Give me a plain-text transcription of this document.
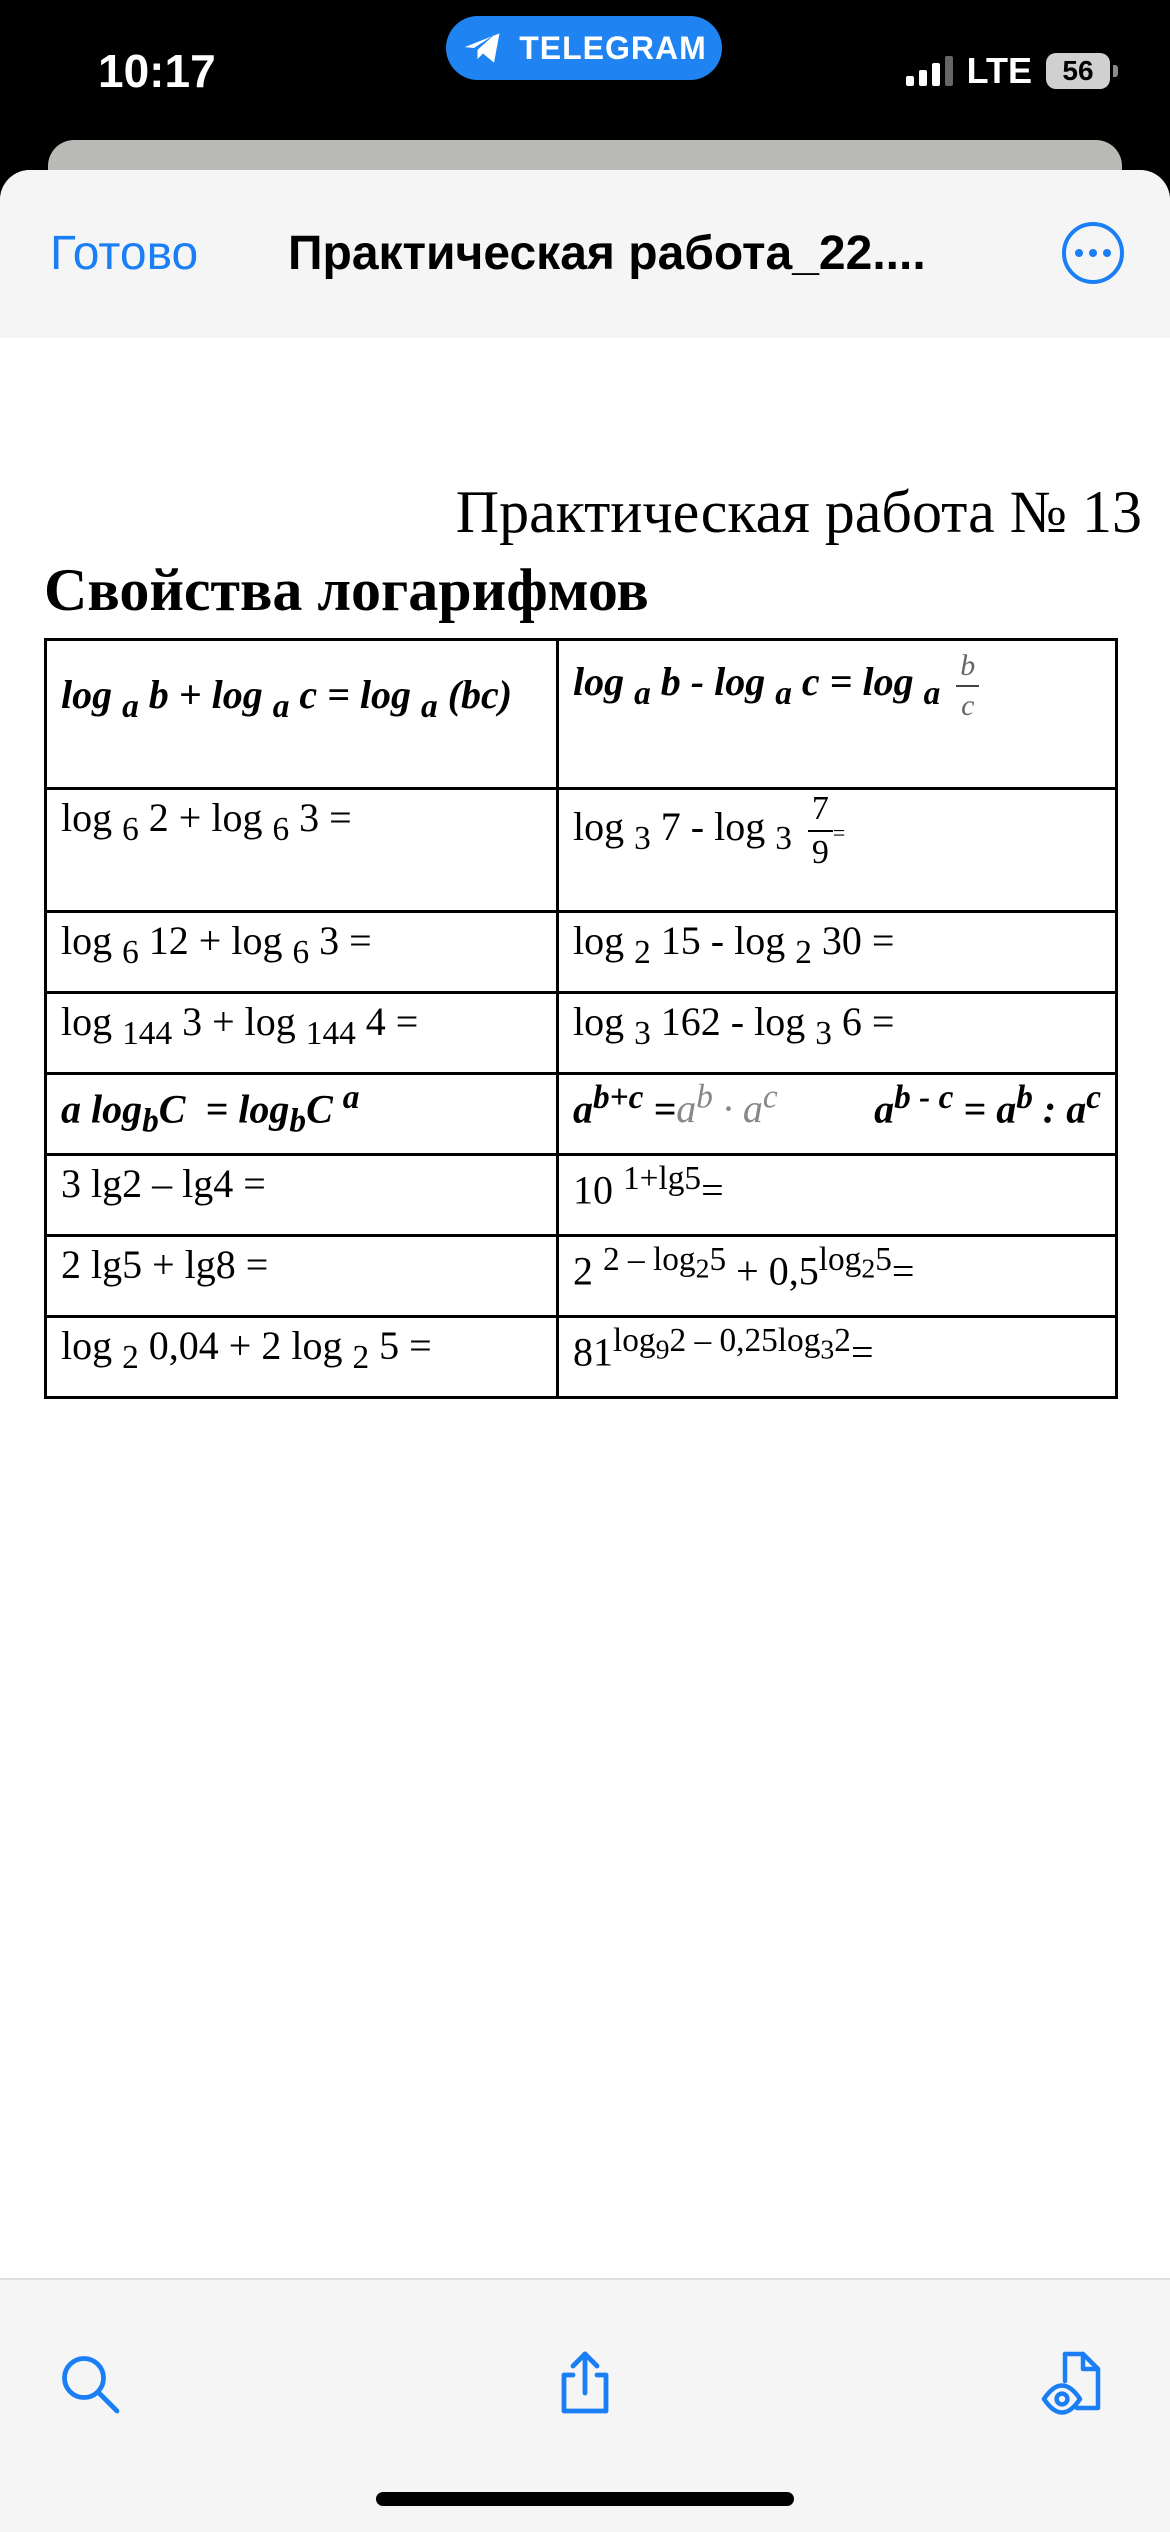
10:17	TELEGRAM
LTE 56
Готово Практическая работа_22....
Практическая работа № 13
Свойства логарифмов
log $_a$ b + log $_a$ c = log $_a$ (bc)	log $_a$ b - log $_a$ $c = \log _a \frac{b}{c}$

log $_6$ 2 + log $_6$ 3 =	log $_3$ $7 - \log _3 \frac{7}{9}$ =
log $_6$ 12 + log $_6$ 3 =	log $_2$ 15 - log $_2$ 30 =
log $_{144}$ 3 + log $_{144}$ 4 =	log $_3$ 162 - log $_3$ 6 =
a $\log_bC = \log_bC$ $^a$	$a^{b+c} =a^b \cdot a^c$ $a^{b - c} = a^b$ : $a^c$

3 lg2 – lg4 =	10 $^{1+lg5}$=
2 lg5 + lg8 =	2 $^{2 - log_25} + 0,5^{log_25}=$
log $_2$ 0,04 + 2 log $_2$ 5 =	$81^{log_92 - 0,25log_32}=$
